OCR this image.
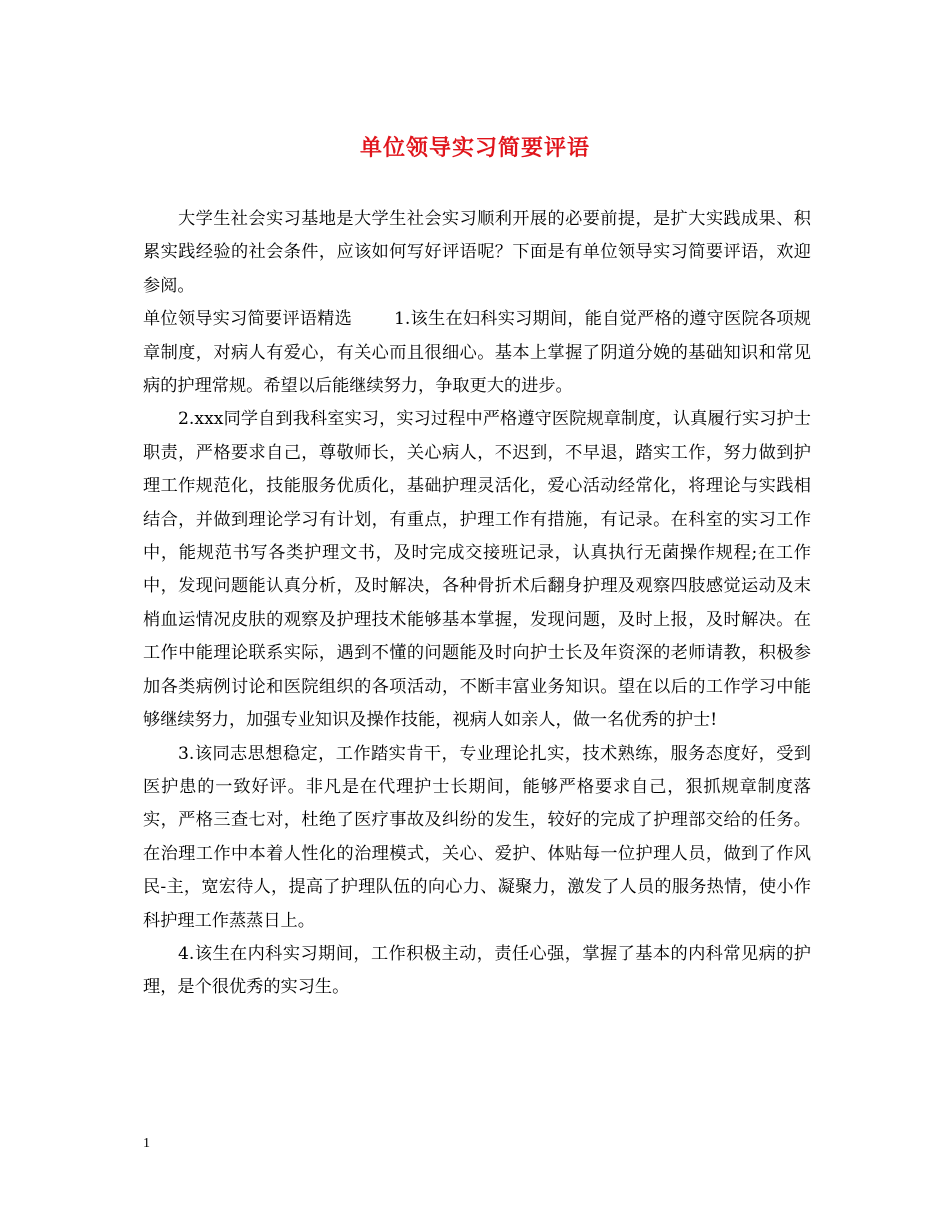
单位领导实习简要评语

大学生社会实习基地是大学生社会实习顺利开展的必要前提，是扩大实践成果、积累实践经验的社会条件，应该如何写好评语呢？下面是有单位领导实习简要评语，欢迎参阅。

单位领导实习简要评语精选 1.该生在妇科实习期间，能自觉严格的遵守医院各项规章制度，对病人有爱心，有关心而且很细心。基本上掌握了阴道分娩的基础知识和常见病的护理常规。希望以后能继续努力，争取更大的进步。

2.xxx同学自到我科室实习，实习过程中严格遵守医院规章制度，认真履行实习护士职责，严格要求自己，尊敬师长，关心病人，不迟到，不早退，踏实工作，努力做到护理工作规范化，技能服务优质化，基础护理灵活化，爱心活动经常化，将理论与实践相结合，并做到理论学习有计划，有重点，护理工作有措施，有记录。在科室的实习工作中，能规范书写各类护理文书，及时完成交接班记录，认真执行无菌操作规程;在工作中，发现问题能认真分析，及时解决，各种骨折术后翻身护理及观察四肢感觉运动及末梢血运情况皮肤的观察及护理技术能够基本掌握，发现问题，及时上报，及时解决。在工作中能理论联系实际，遇到不懂的问题能及时向护士长及年资深的老师请教，积极参加各类病例讨论和医院组织的各项活动，不断丰富业务知识。望在以后的工作学习中能够继续努力，加强专业知识及操作技能，视病人如亲人，做一名优秀的护士!

3.该同志思想稳定，工作踏实肯干，专业理论扎实，技术熟练，服务态度好，受到医护患的一致好评。非凡是在代理护士长期间，能够严格要求自己，狠抓规章制度落实，严格三查七对，杜绝了医疗事故及纠纷的发生，较好的完成了护理部交给的任务。在治理工作中本着人性化的治理模式，关心、爱护、体贴每一位护理人员，做到了作风民-主，宽宏待人，提高了护理队伍的向心力、凝聚力，激发了人员的服务热情，使小作科护理工作蒸蒸日上。

4.该生在内科实习期间，工作积极主动，责任心强，掌握了基本的内科常见病的护理，是个很优秀的实习生。

1
